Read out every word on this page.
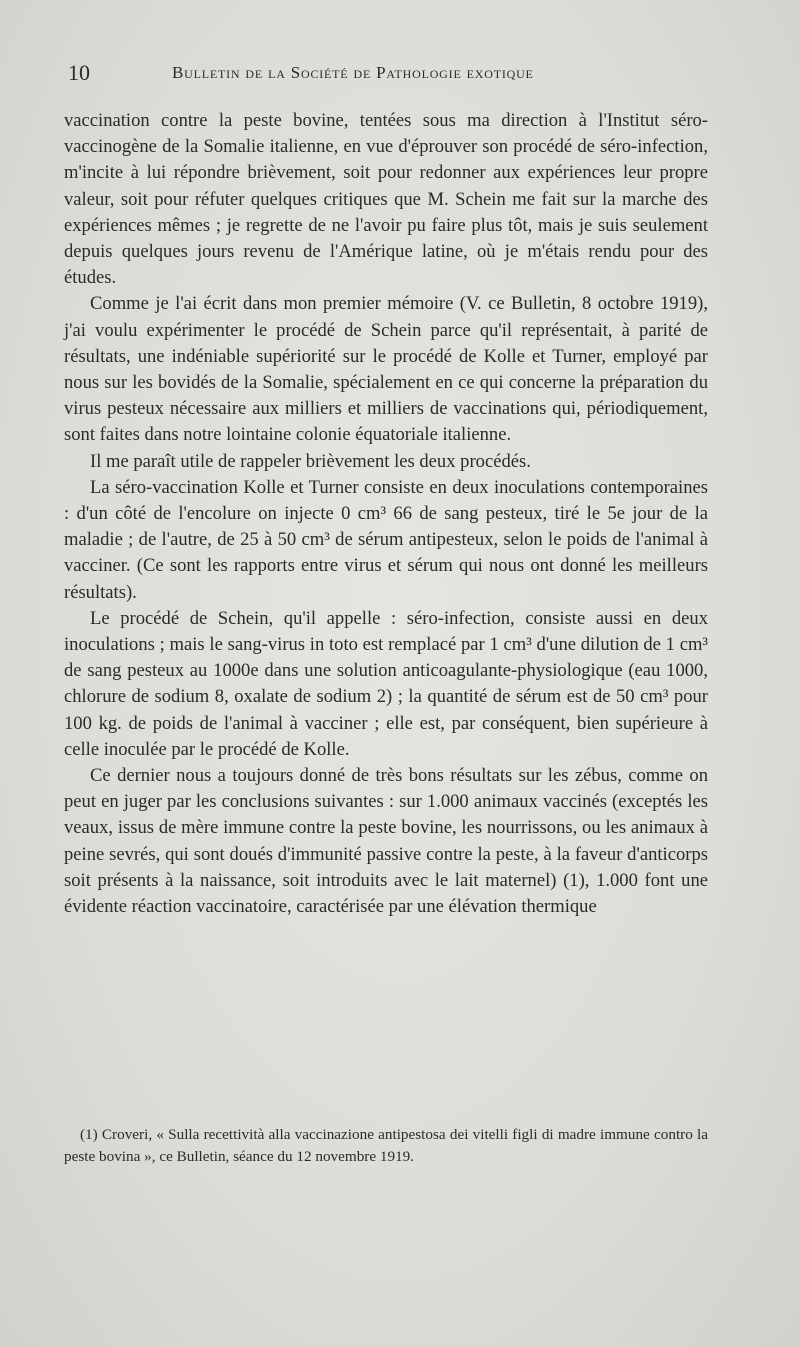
10	Bulletin de la Société de Pathologie exotique

vaccination contre la peste bovine, tentées sous ma direction à l'Institut séro-vaccinogène de la Somalie italienne, en vue d'éprouver son procédé de séro-infection, m'incite à lui répondre brièvement, soit pour redonner aux expériences leur propre valeur, soit pour réfuter quelques critiques que M. Schein me fait sur la marche des expériences mêmes ; je regrette de ne l'avoir pu faire plus tôt, mais je suis seulement depuis quelques jours revenu de l'Amérique latine, où je m'étais rendu pour des études.

Comme je l'ai écrit dans mon premier mémoire (V. ce Bulletin, 8 octobre 1919), j'ai voulu expérimenter le procédé de Schein parce qu'il représentait, à parité de résultats, une indéniable supériorité sur le procédé de Kolle et Turner, employé par nous sur les bovidés de la Somalie, spécialement en ce qui concerne la préparation du virus pesteux nécessaire aux milliers et milliers de vaccinations qui, périodiquement, sont faites dans notre lointaine colonie équatoriale italienne.

Il me paraît utile de rappeler brièvement les deux procédés.

La séro-vaccination Kolle et Turner consiste en deux inoculations contemporaines : d'un côté de l'encolure on injecte 0 cm³ 66 de sang pesteux, tiré le 5e jour de la maladie ; de l'autre, de 25 à 50 cm³ de sérum antipesteux, selon le poids de l'animal à vacciner. (Ce sont les rapports entre virus et sérum qui nous ont donné les meilleurs résultats).

Le procédé de Schein, qu'il appelle : séro-infection, consiste aussi en deux inoculations ; mais le sang-virus in toto est remplacé par 1 cm³ d'une dilution de 1 cm³ de sang pesteux au 1000e dans une solution anticoagulante-physiologique (eau 1000, chlorure de sodium 8, oxalate de sodium 2) ; la quantité de sérum est de 50 cm³ pour 100 kg. de poids de l'animal à vacciner ; elle est, par conséquent, bien supérieure à celle inoculée par le procédé de Kolle.

Ce dernier nous a toujours donné de très bons résultats sur les zébus, comme on peut en juger par les conclusions suivantes : sur 1.000 animaux vaccinés (exceptés les veaux, issus de mère immune contre la peste bovine, les nourrissons, ou les animaux à peine sevrés, qui sont doués d'immunité passive contre la peste, à la faveur d'anticorps soit présents à la naissance, soit introduits avec le lait maternel) (1), 1.000 font une évidente réaction vaccinatoire, caractérisée par une élévation thermique

(1) Croveri, « Sulla recettività alla vaccinazione antipestosa dei vitelli figli di madre immune contro la peste bovina », ce Bulletin, séance du 12 novembre 1919.
